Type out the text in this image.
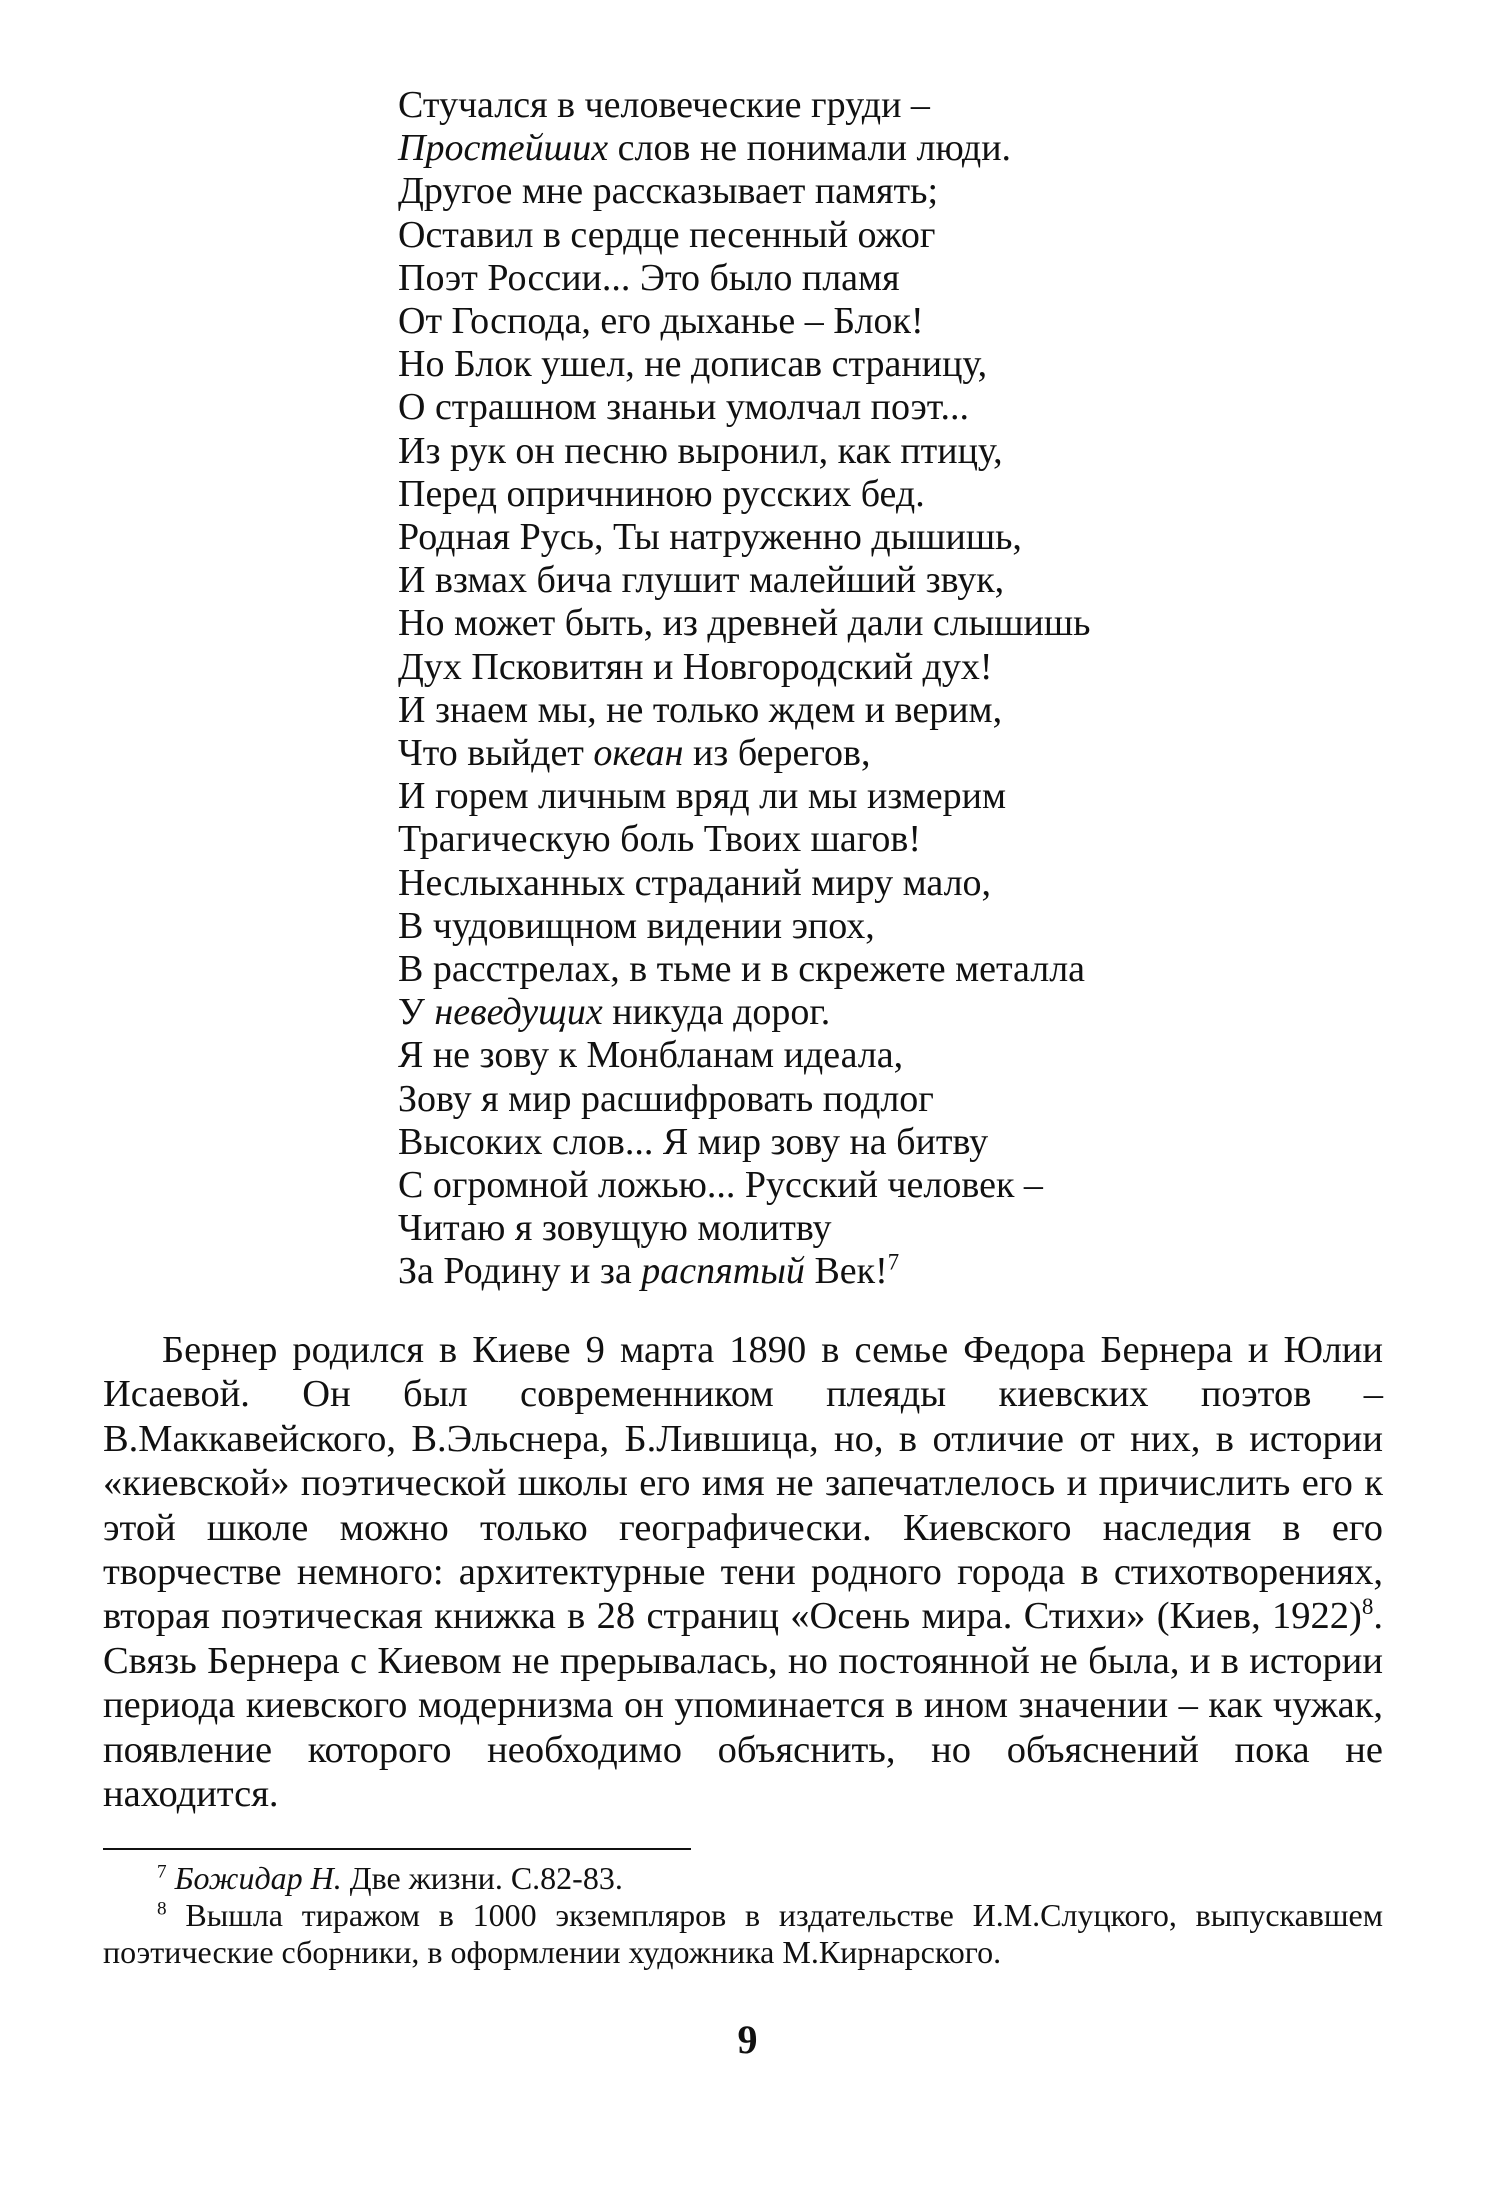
Стучался в человеческие груди –
Простейших слов не понимали люди.
Другое мне рассказывает память;
Оставил в сердце песенный ожог
Поэт России... Это было пламя
От Господа, его дыханье – Блок!
Но Блок ушел, не дописав страницу,
О страшном знаньи умолчал поэт...
Из рук он песню выронил, как птицу,
Перед опричниною русских бед.
Родная Русь, Ты натруженно дышишь,
И взмах бича глушит малейший звук,
Но может быть, из древней дали слышишь
Дух Псковитян и Новгородский дух!
И знаем мы, не только ждем и верим,
Что выйдет океан из берегов,
И горем личным вряд ли мы измерим
Трагическую боль Твоих шагов!
Неслыханных страданий миру мало,
В чудовищном видении эпох,
В расстрелах, в тьме и в скрежете металла
У неведущих никуда дорог.
Я не зову к Монбланам идеала,
Зову я мир расшифровать подлог
Высоких слов... Я мир зову на битву
С огромной ложью... Русский человек –
Читаю я зовущую молитву
За Родину и за распятый Век!$^7$

Бернер родился в Киеве 9 марта 1890 в семье Федора Бернера и Юлии Исаевой. Он был современником плеяды киевских поэтов – В.Маккавейского, В.Эльснера, Б.Лившица, но, в отличие от них, в истории «киевской» поэтической школы его имя не запечатлелось и причислить его к этой школе можно только географически. Киевского наследия в его творчестве немного: архитектурные тени родного города в стихотворениях, вторая поэтическая книжка в 28 страниц «Осень мира. Стихи» (Киев, 1922)$^8$. Связь Бернера с Киевом не прерывалась, но постоянной не была, и в истории периода киевского модернизма он упоминается в ином значении – как чужак, появление которого необходимо объяснить, но объяснений пока не находится.

$^7$ Божидар Н. Две жизни. С.82-83.

$^8$ Вышла тиражом в 1000 экземпляров в издательстве И.М.Слуцкого, выпускавшем поэтические сборники, в оформлении художника М.Кирнарского.

9
